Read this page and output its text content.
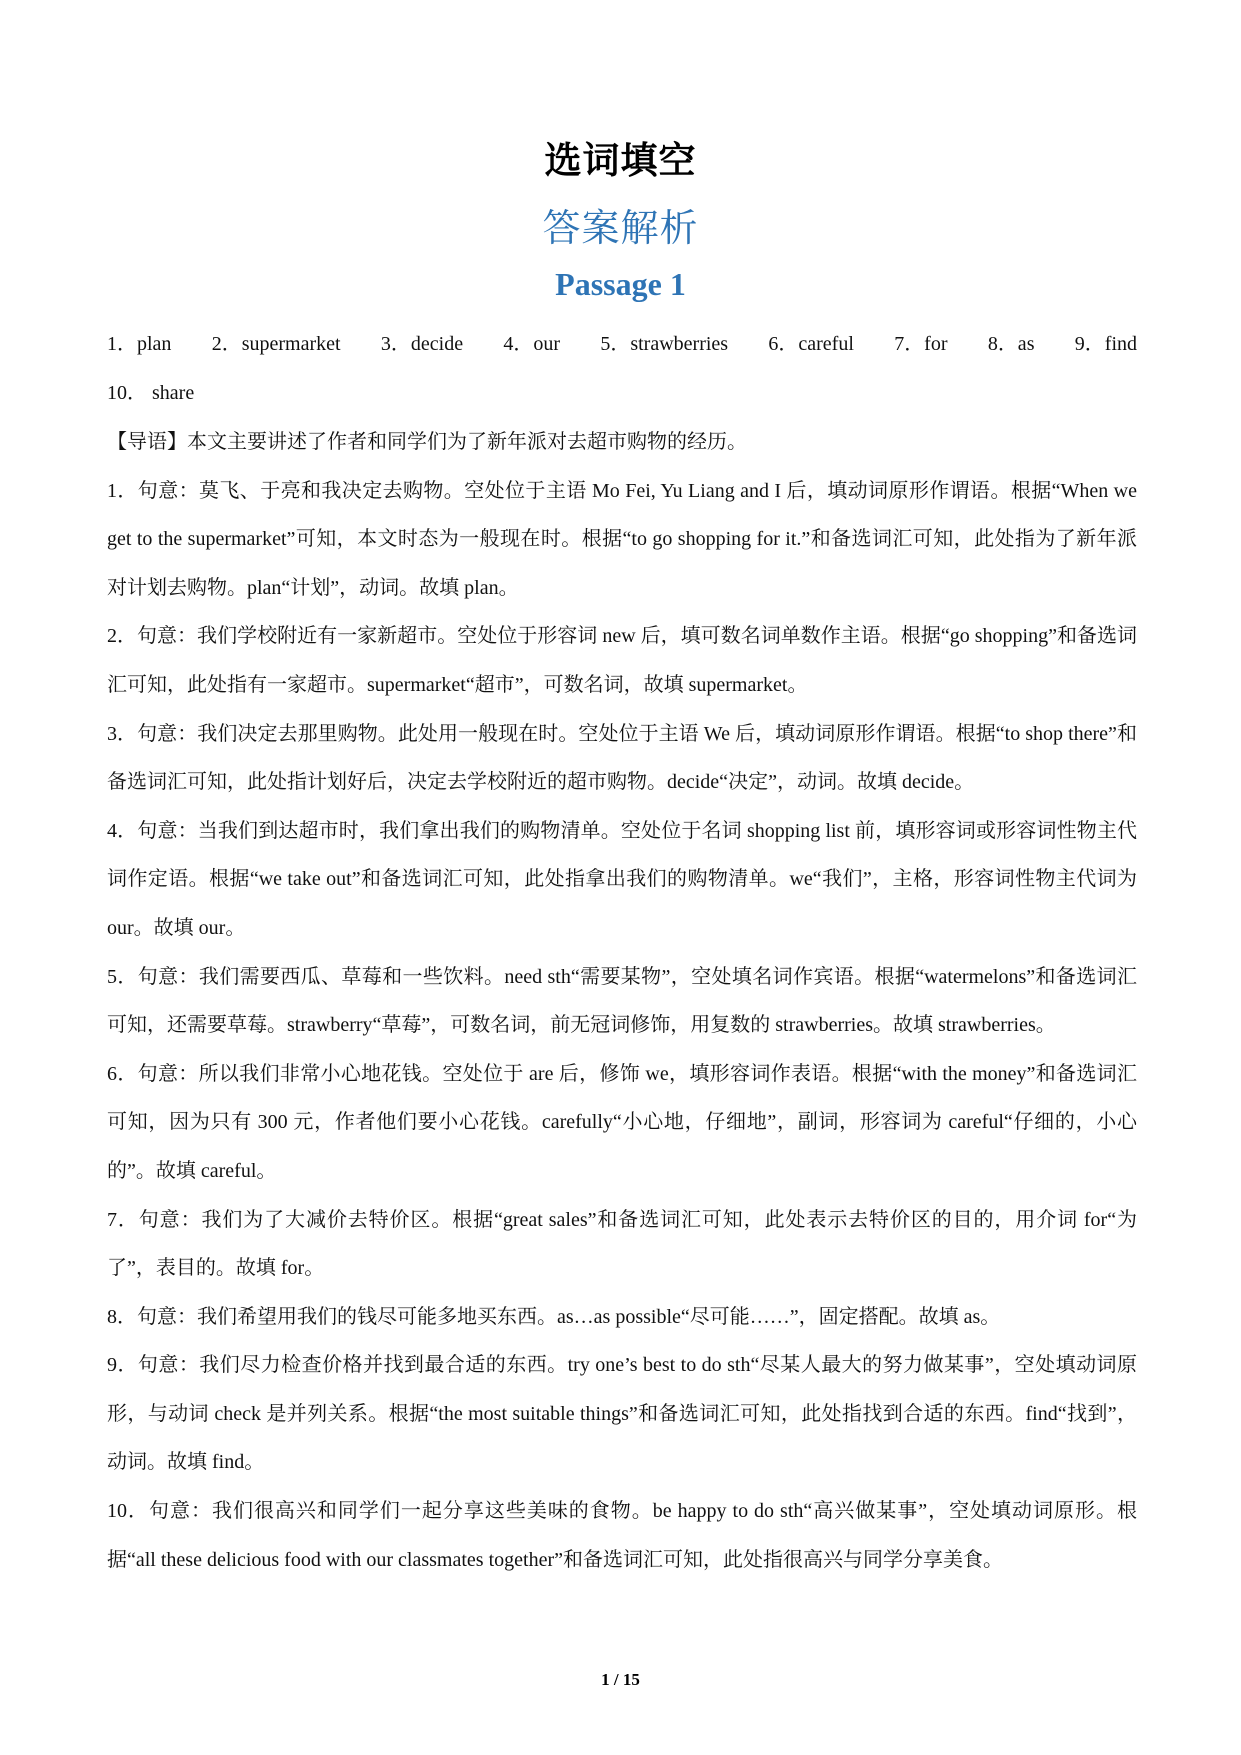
选词填空
答案解析
Passage 1
1．plan 2．supermarket 3．decide 4．our 5．strawberries 6．careful 7．for 8．as 9．find
10． share

【导语】本文主要讲述了作者和同学们为了新年派对去超市购物的经历。

1．句意：莫飞、于亮和我决定去购物。空处位于主语 Mo Fei, Yu Liang and I 后，填动词原形作谓语。根据“When we get to the supermarket”可知，本文时态为一般现在时。根据“to go shopping for it.”和备选词汇可知，此处指为了新年派对计划去购物。plan“计划”，动词。故填 plan。

2．句意：我们学校附近有一家新超市。空处位于形容词 new 后，填可数名词单数作主语。根据“go shopping”和备选词汇可知，此处指有一家超市。supermarket“超市”，可数名词，故填 supermarket。

3．句意：我们决定去那里购物。此处用一般现在时。空处位于主语 We 后，填动词原形作谓语。根据“to shop there”和备选词汇可知，此处指计划好后，决定去学校附近的超市购物。decide“决定”，动词。故填 decide。

4．句意：当我们到达超市时，我们拿出我们的购物清单。空处位于名词 shopping list 前，填形容词或形容词性物主代词作定语。根据“we take out”和备选词汇可知，此处指拿出我们的购物清单。we“我们”，主格，形容词性物主代词为 our。故填 our。

5．句意：我们需要西瓜、草莓和一些饮料。need sth“需要某物”，空处填名词作宾语。根据“watermelons”和备选词汇可知，还需要草莓。strawberry“草莓”，可数名词，前无冠词修饰，用复数的 strawberries。故填 strawberries。

6．句意：所以我们非常小心地花钱。空处位于 are 后，修饰 we，填形容词作表语。根据“with the money”和备选词汇可知，因为只有 300 元，作者他们要小心花钱。carefully“小心地，仔细地”，副词，形容词为 careful“仔细的，小心的”。故填 careful。

7．句意：我们为了大减价去特价区。根据“great sales”和备选词汇可知，此处表示去特价区的目的，用介词 for“为了”，表目的。故填 for。

8．句意：我们希望用我们的钱尽可能多地买东西。as…as possible“尽可能……”，固定搭配。故填 as。

9．句意：我们尽力检查价格并找到最合适的东西。try one’s best to do sth“尽某人最大的努力做某事”，空处填动词原形，与动词 check 是并列关系。根据“the most suitable things”和备选词汇可知，此处指找到合适的东西。find“找到”，动词。故填 find。

10．句意：我们很高兴和同学们一起分享这些美味的食物。be happy to do sth“高兴做某事”，空处填动词原形。根据“all these delicious food with our classmates together”和备选词汇可知，此处指很高兴与同学分享美食。

1 / 15
